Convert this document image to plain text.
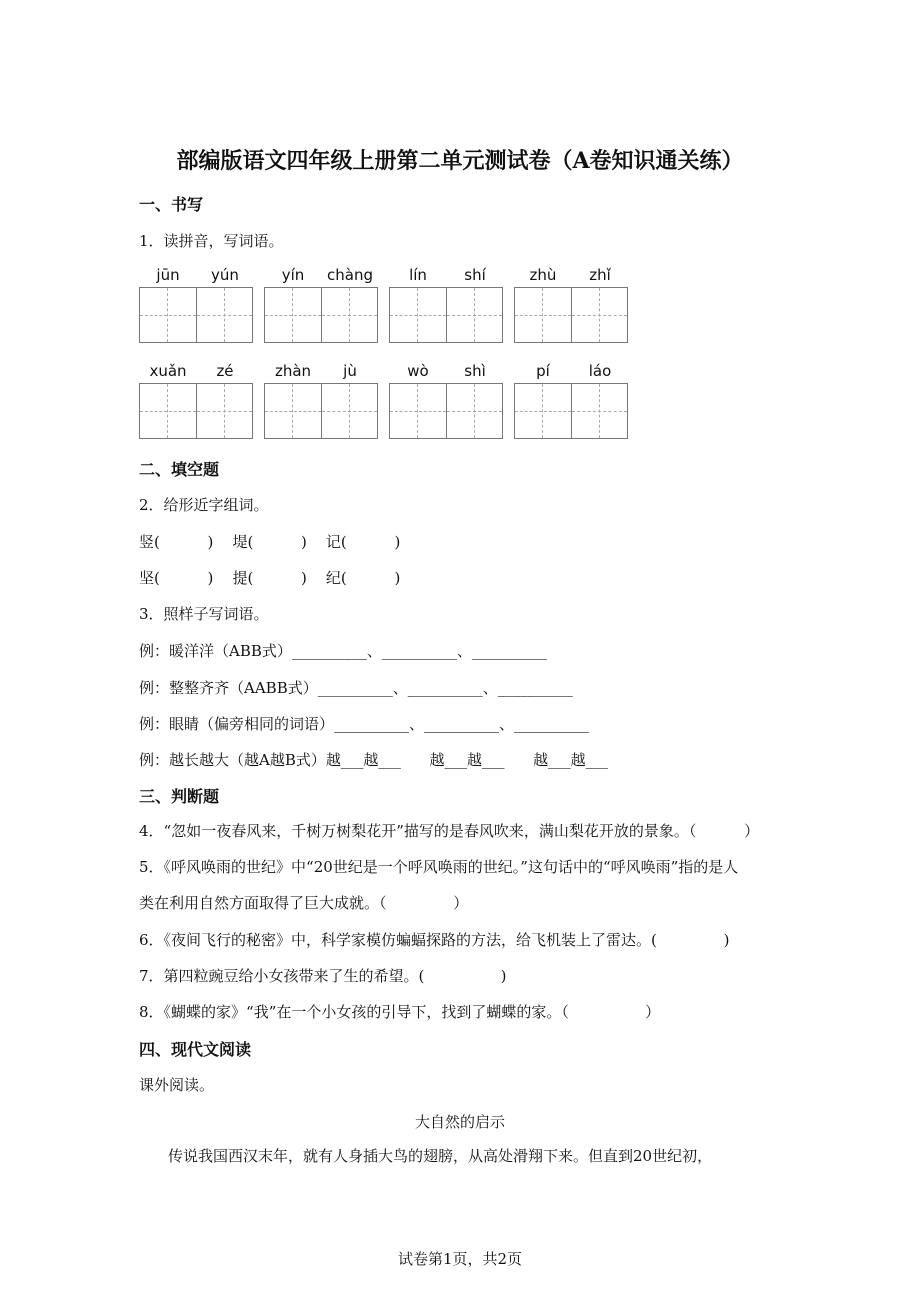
部编版语文四年级上册第二单元测试卷（A卷知识通关练）
一、书写
1．读拼音，写词语。
jūn	yún	yín	chàng	lín	shí	zhù	zhǐ
xuǎn	zé	zhàn	jù	wò	shì	pí	láo
二、填空题
2．给形近字组词。
竖(          )    堤(          )    记(          )
坚(          )    提(          )    纪(          )
3．照样子写词语。
例：暖洋洋（ABB式）__________、__________、__________
例：整整齐齐（AABB式）__________、__________、__________
例：眼睛（偏旁相同的词语）__________、__________、__________
例：越长越大（越A越B式）越___越___      越___越___      越___越___
三、判断题
4．“忽如一夜春风来，千树万树梨花开”描写的是春风吹来，满山梨花开放的景象。（          ）
5．《呼风唤雨的世纪》中“20世纪是一个呼风唤雨的世纪。”这句话中的“呼风唤雨”指的是人
类在利用自然方面取得了巨大成就。（              ）
6．《夜间飞行的秘密》中，科学家模仿蝙蝠探路的方法，给飞机装上了雷达。(              )
7．第四粒豌豆给小女孩带来了生的希望。(                )
8．《蝴蝶的家》“我”在一个小女孩的引导下，找到了蝴蝶的家。（                ）
四、现代文阅读
课外阅读。
大自然的启示
传说我国西汉末年，就有人身插大鸟的翅膀，从高处滑翔下来。但直到20世纪初，
试卷第1页，共2页
